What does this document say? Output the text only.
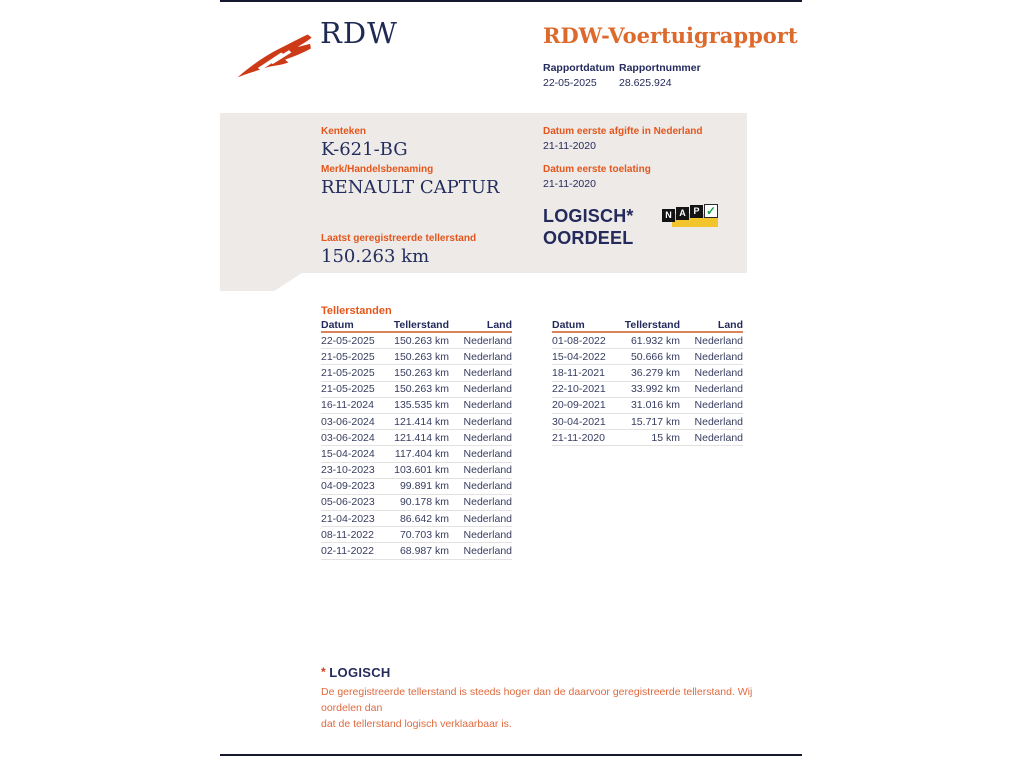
RDW	RDW-Voertuigrapport
Rapportdatum
22-05-2025
Rapportnummer
28.625.924
Kenteken
K-621-BG
Merk/Handelsbenaming
RENAULT CAPTUR
Laatst geregistreerde tellerstand
150.263 km
Datum eerste afgifte in Nederland
21-11-2020
Datum eerste toelating
21-11-2020
LOGISCH*
OORDEEL
N A P ✓
Tellerstanden
Datum	Tellerstand	Land
22-05-2025	150.263 km	Nederland
21-05-2025	150.263 km	Nederland
21-05-2025	150.263 km	Nederland
21-05-2025	150.263 km	Nederland
16-11-2024	135.535 km	Nederland
03-06-2024	121.414 km	Nederland
03-06-2024	121.414 km	Nederland
15-04-2024	117.404 km	Nederland
23-10-2023	103.601 km	Nederland
04-09-2023	99.891 km	Nederland
05-06-2023	90.178 km	Nederland
21-04-2023	86.642 km	Nederland
08-11-2022	70.703 km	Nederland
02-11-2022	68.987 km	Nederland
Datum	Tellerstand	Land
01-08-2022	61.932 km	Nederland
15-04-2022	50.666 km	Nederland
18-11-2021	36.279 km	Nederland
22-10-2021	33.992 km	Nederland
20-09-2021	31.016 km	Nederland
30-04-2021	15.717 km	Nederland
21-11-2020	15 km	Nederland
* LOGISCH
De geregistreerde tellerstand is steeds hoger dan de daarvoor geregistreerde tellerstand. Wij oordelen dan
dat de tellerstand logisch verklaarbaar is.
